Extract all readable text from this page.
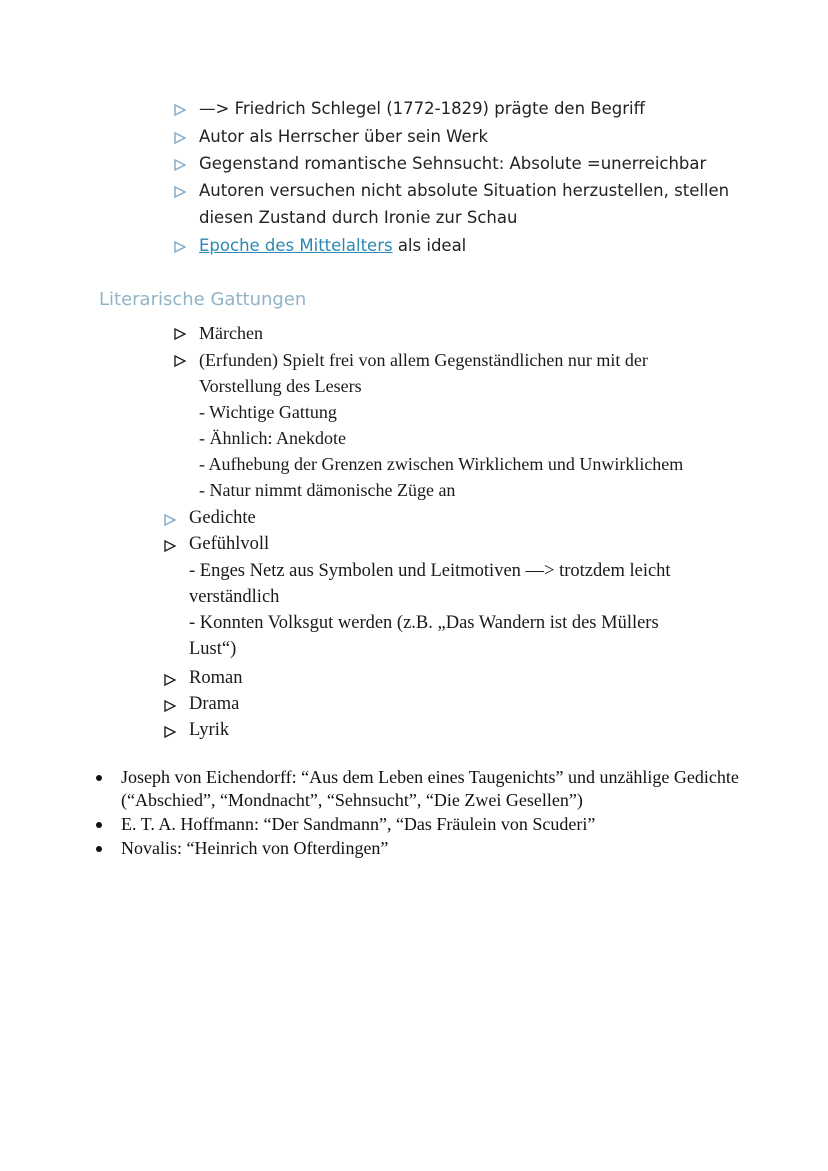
—> Friedrich Schlegel (1772-1829) prägte den Begriff
Autor als Herrscher über sein Werk
Gegenstand romantische Sehnsucht: Absolute =unerreichbar
Autoren versuchen nicht absolute Situation herzustellen, stellen
diesen Zustand durch Ironie zur Schau
Epoche des Mittelalters als ideal
Literarische Gattungen
Märchen
(Erfunden) Spielt frei von allem Gegenständlichen nur mit der
Vorstellung des Lesers
- Wichtige Gattung
- Ähnlich: Anekdote
- Aufhebung der Grenzen zwischen Wirklichem und Unwirklichem
- Natur nimmt dämonische Züge an
Gedichte
Gefühlvoll
- Enges Netz aus Symbolen und Leitmotiven —> trotzdem leicht
verständlich
- Konnten Volksgut werden (z.B. „Das Wandern ist des Müllers
Lust“)
Roman
Drama
Lyrik
Joseph von Eichendorff: “Aus dem Leben eines Taugenichts” und unzählige Gedichte
(“Abschied”, “Mondnacht”, “Sehnsucht”, “Die Zwei Gesellen”)
E. T. A. Hoffmann: “Der Sandmann”, “Das Fräulein von Scuderi”
Novalis: “Heinrich von Ofterdingen”
